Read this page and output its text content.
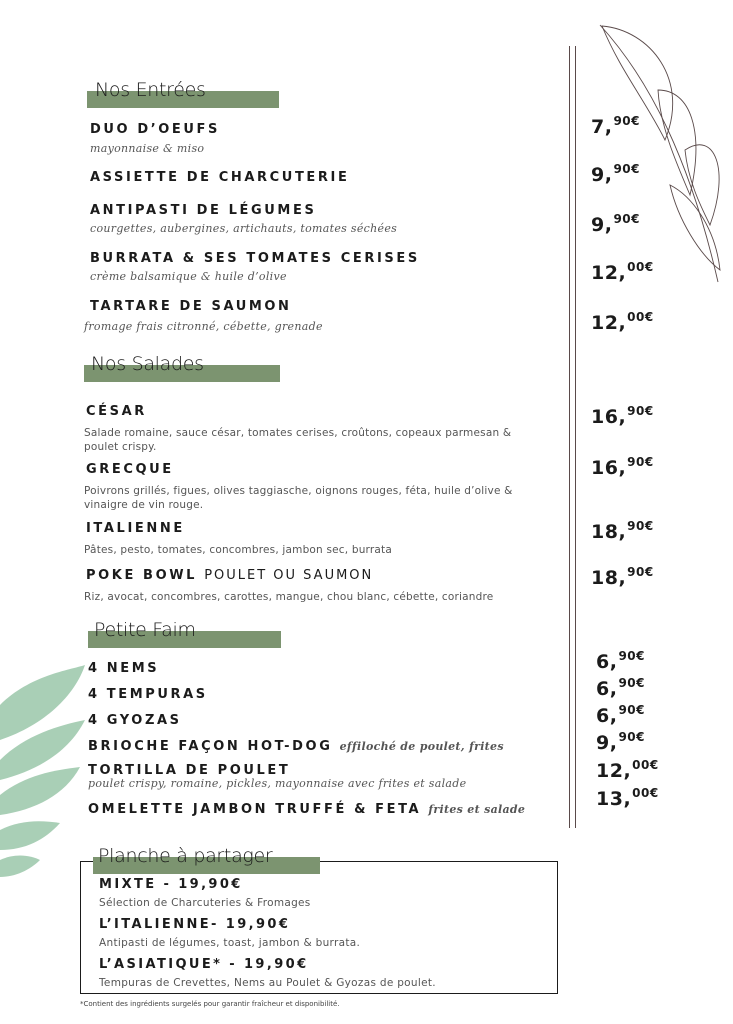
Nos Entrées
DUO D’OEUFS
mayonnaise & miso
7,$^{90€}$
ASSIETTE DE CHARCUTERIE	9,$^{90€}$
ANTIPASTI DE LÉGUMES
courgettes, aubergines, artichauts, tomates séchées	9,$^{90€}$
BURRATA & SES TOMATES CERISES
crème balsamique & huile d’olive	12,$^{00€}$
TARTARE DE SAUMON
fromage frais citronné, cébette, grenade	12,$^{00€}$
Nos Salades
CÉSAR
Salade romaine, sauce césar, tomates cerises, croûtons, copeaux parmesan & poulet crispy.
16,$^{90€}$
GRECQUE
Poivrons grillés, figues, olives taggiasche, oignons rouges, féta, huile d’olive & vinaigre de vin rouge.
16,$^{90€}$
ITALIENNE
Pâtes, pesto, tomates, concombres, jambon sec, burrata
18,$^{90€}$
POKE BOWL POULET OU SAUMON
Riz, avocat, concombres, carottes, mangue, chou blanc, cébette, coriandre
18,$^{90€}$
Petite Faim
4 NEMS	6,$^{90€}$
4 TEMPURAS	6,$^{90€}$
4 GYOZAS	6,$^{90€}$
BRIOCHE FAÇON HOT-DOG effiloché de poulet, frites	9,$^{90€}$
TORTILLA DE POULET
poulet crispy, romaine, pickles, mayonnaise avec frites et salade
12,$^{00€}$
OMELETTE JAMBON TRUFFÉ & FETA frites et salade	13,$^{00€}$
Planche à partager
MIXTE - 19,90€
Sélection de Charcuteries & Fromages
L’ITALIENNE- 19,90€
Antipasti de légumes, toast, jambon & burrata.
L’ASIATIQUE* - 19,90€
Tempuras de Crevettes, Nems au Poulet & Gyozas de poulet.
*Contient des ingrédients surgelés pour garantir fraîcheur et disponibilité.
